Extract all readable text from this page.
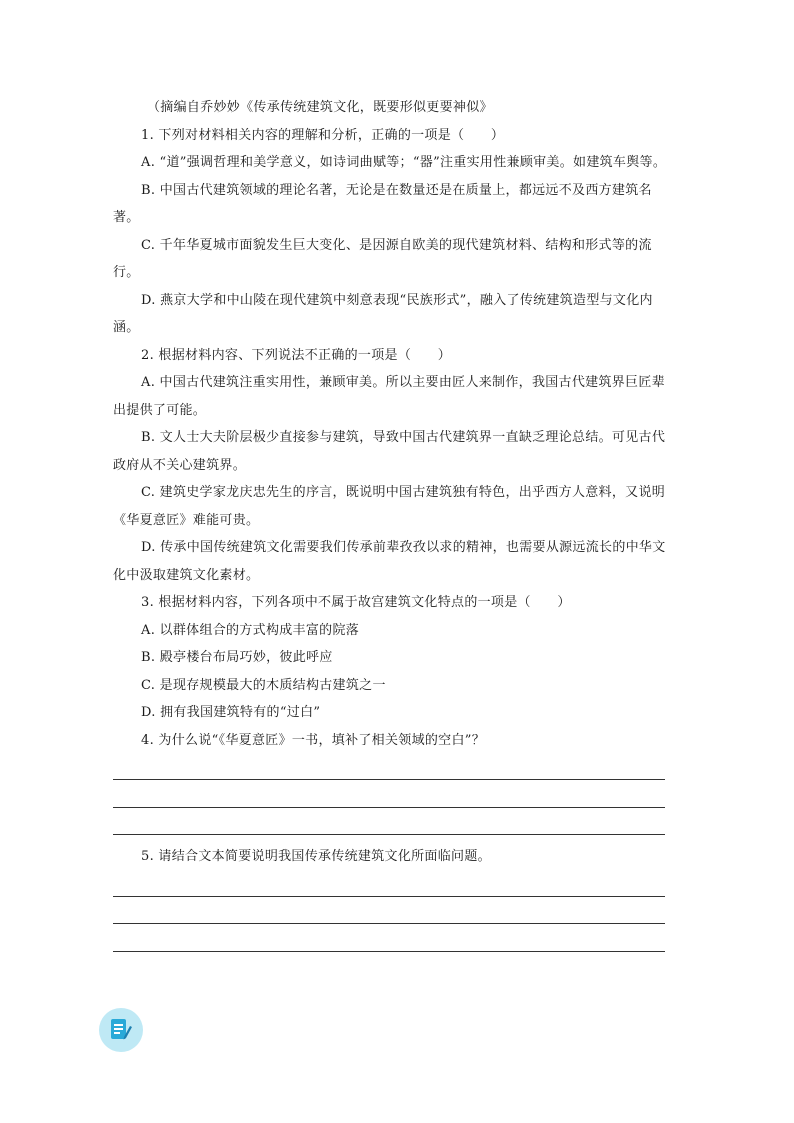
（摘编自乔妙妙《传承传统建筑文化，既要形似更要神似》

1. 下列对材料相关内容的理解和分析，正确的一项是（　　）

A. “道”强调哲理和美学意义，如诗词曲赋等；“器”注重实用性兼顾审美。如建筑车舆等。

B. 中国古代建筑领域的理论名著，无论是在数量还是在质量上，都远远不及西方建筑名著。

C. 千年华夏城市面貌发生巨大变化、是因源自欧美的现代建筑材料、结构和形式等的流行。

D. 燕京大学和中山陵在现代建筑中刻意表现“民族形式”，融入了传统建筑造型与文化内涵。

2. 根据材料内容、下列说法不正确的一项是（　　）

A. 中国古代建筑注重实用性，兼顾审美。所以主要由匠人来制作，我国古代建筑界巨匠辈出提供了可能。

B. 文人士大夫阶层极少直接参与建筑，导致中国古代建筑界一直缺乏理论总结。可见古代政府从不关心建筑界。

C. 建筑史学家龙庆忠先生的序言，既说明中国古建筑独有特色，出乎西方人意料，又说明《华夏意匠》难能可贵。

D. 传承中国传统建筑文化需要我们传承前辈孜孜以求的精神，也需要从源远流长的中华文化中汲取建筑文化素材。

3. 根据材料内容，下列各项中不属于故宫建筑文化特点的一项是（　　）

A. 以群体组合的方式构成丰富的院落

B. 殿亭楼台布局巧妙，彼此呼应

C. 是现存规模最大的木质结构古建筑之一

D. 拥有我国建筑特有的“过白”

4. 为什么说“《华夏意匠》一书，填补了相关领域的空白”？

5. 请结合文本简要说明我国传承传统建筑文化所面临问题。
